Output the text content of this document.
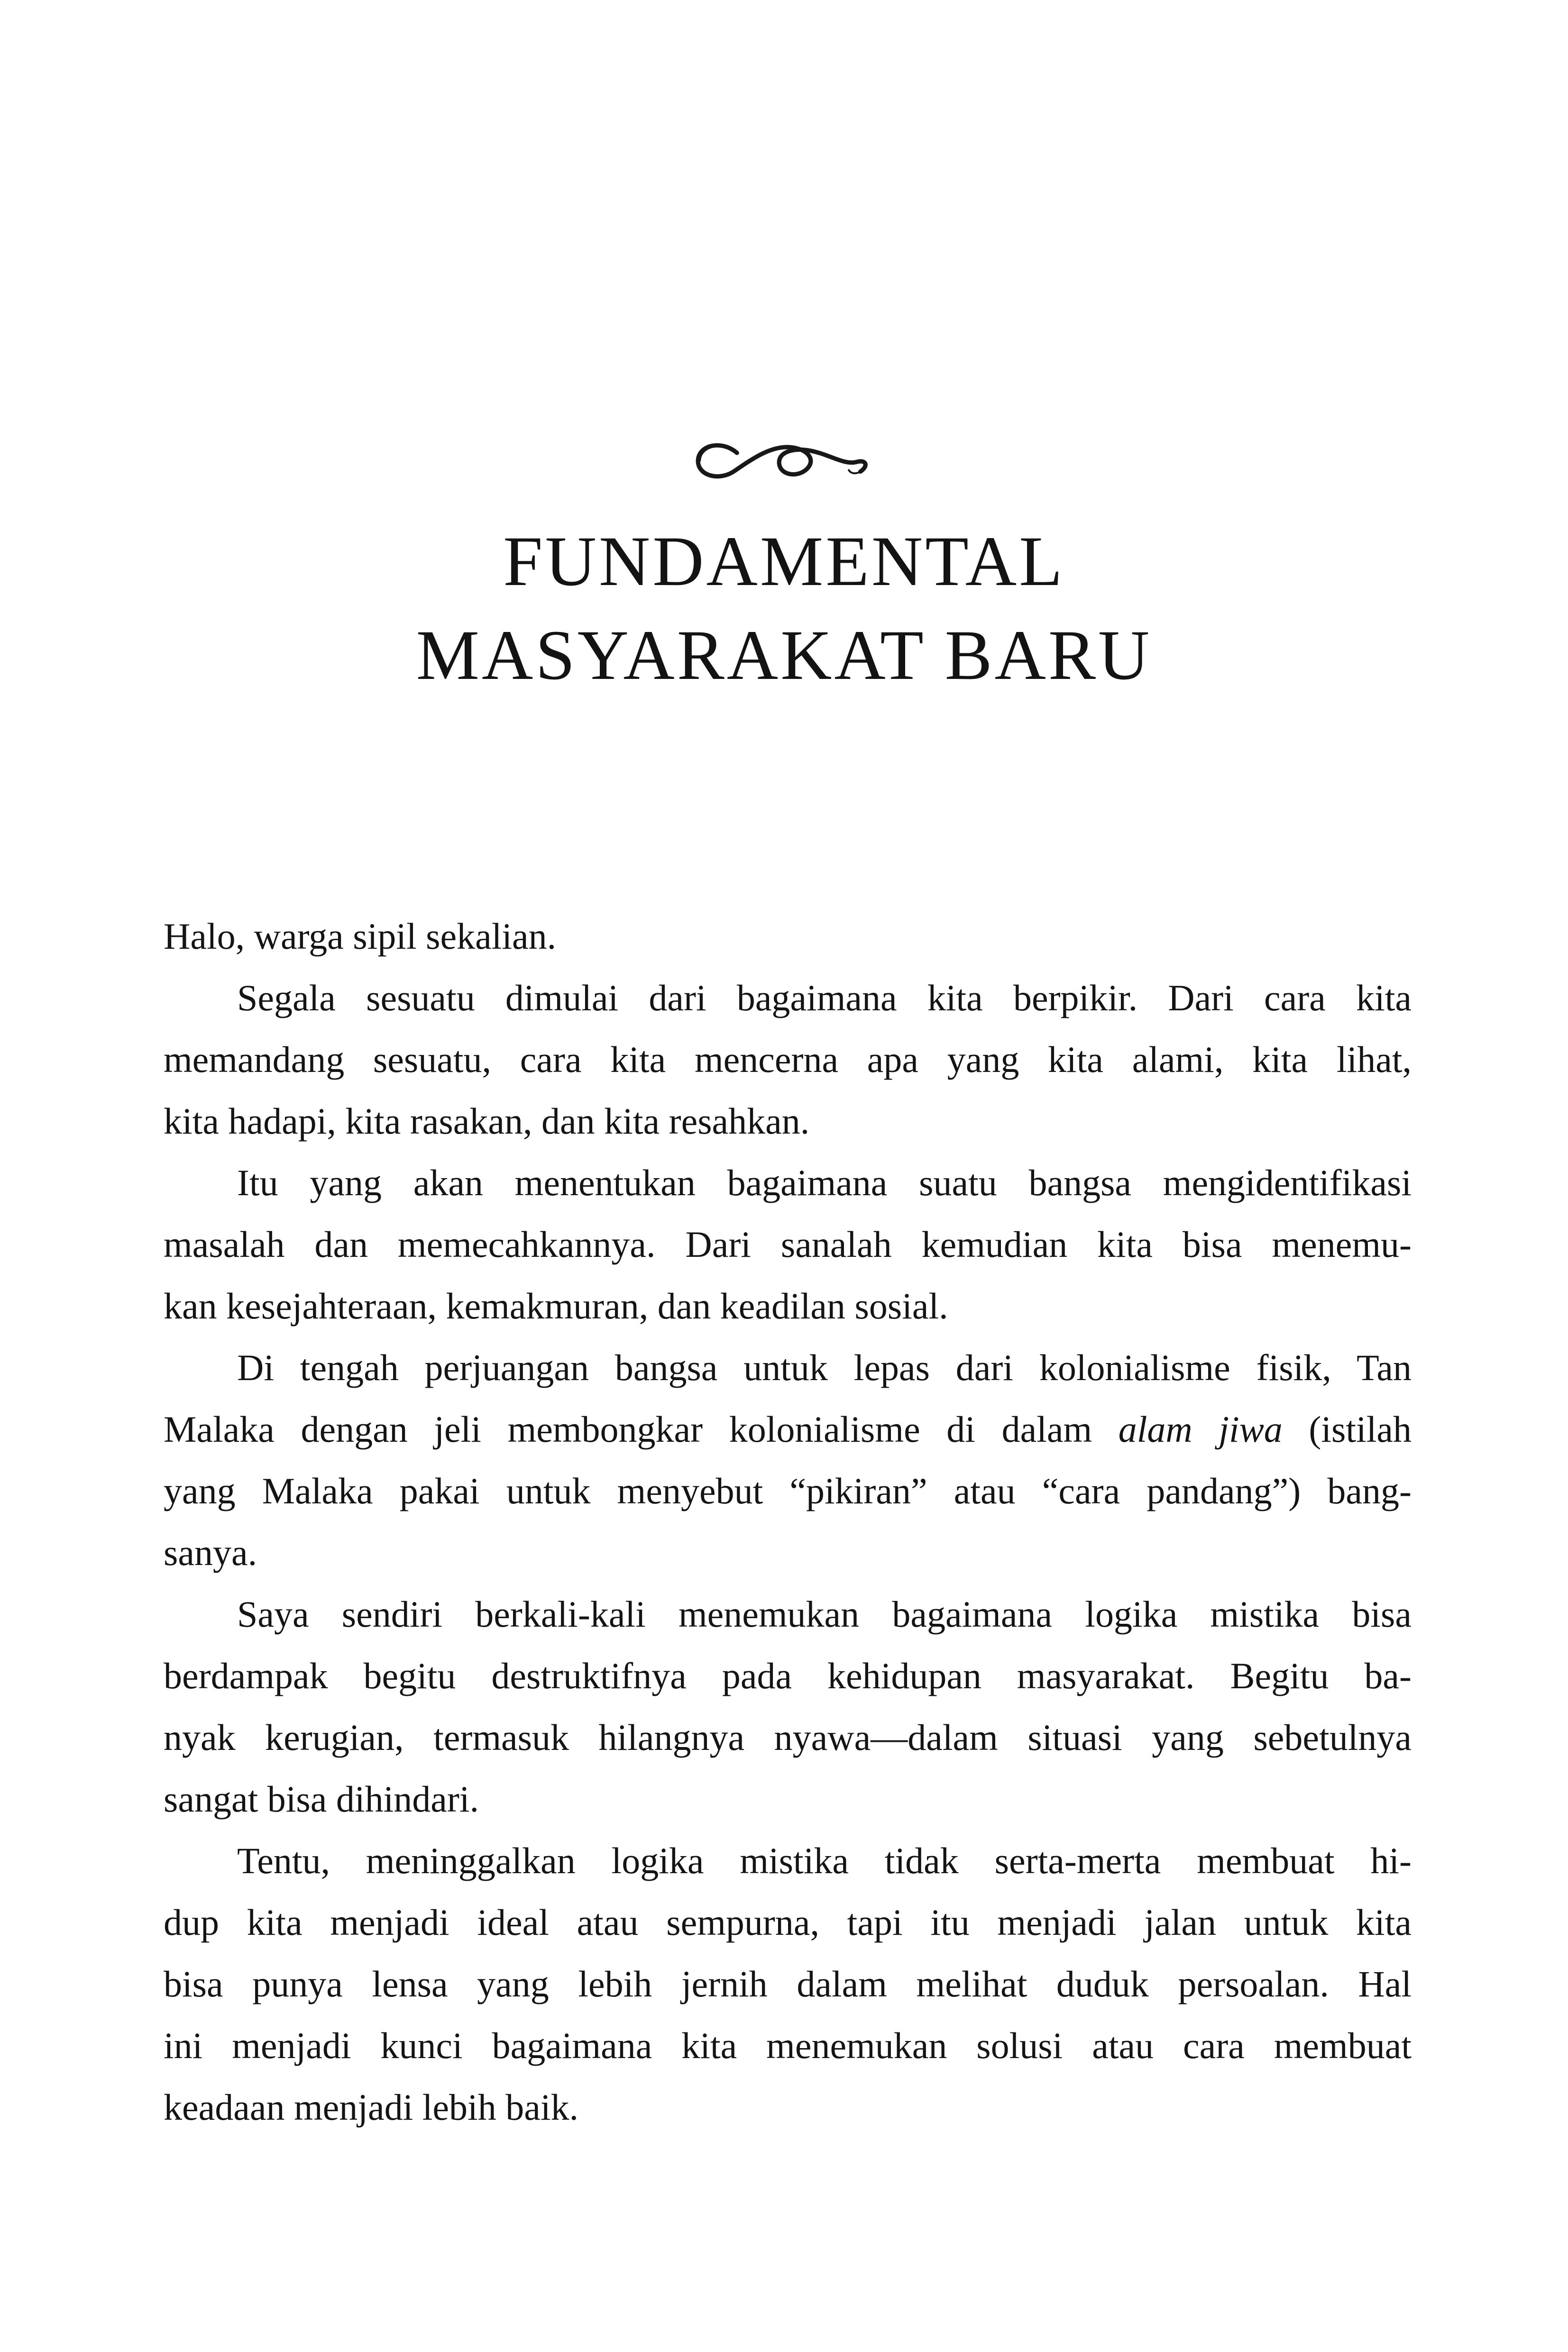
FUNDAMENTAL
MASYARAKAT BARU
Halo, warga sipil sekalian.
Segala sesuatu dimulai dari bagaimana kita berpikir. Dari cara kita
memandang sesuatu, cara kita mencerna apa yang kita alami, kita lihat,
kita hadapi, kita rasakan, dan kita resahkan.
Itu yang akan menentukan bagaimana suatu bangsa mengidentifikasi
masalah dan memecahkannya. Dari sanalah kemudian kita bisa menemu-
kan kesejahteraan, kemakmuran, dan keadilan sosial.
Di tengah perjuangan bangsa untuk lepas dari kolonialisme fisik, Tan
Malaka dengan jeli membongkar kolonialisme di dalam alam jiwa (istilah
yang Malaka pakai untuk menyebut “pikiran” atau “cara pandang”) bang-
sanya.
Saya sendiri berkali-kali menemukan bagaimana logika mistika bisa
berdampak begitu destruktifnya pada kehidupan masyarakat. Begitu ba-
nyak kerugian, termasuk hilangnya nyawa—dalam situasi yang sebetulnya
sangat bisa dihindari.
Tentu, meninggalkan logika mistika tidak serta-merta membuat hi-
dup kita menjadi ideal atau sempurna, tapi itu menjadi jalan untuk kita
bisa punya lensa yang lebih jernih dalam melihat duduk persoalan. Hal
ini menjadi kunci bagaimana kita menemukan solusi atau cara membuat
keadaan menjadi lebih baik.
